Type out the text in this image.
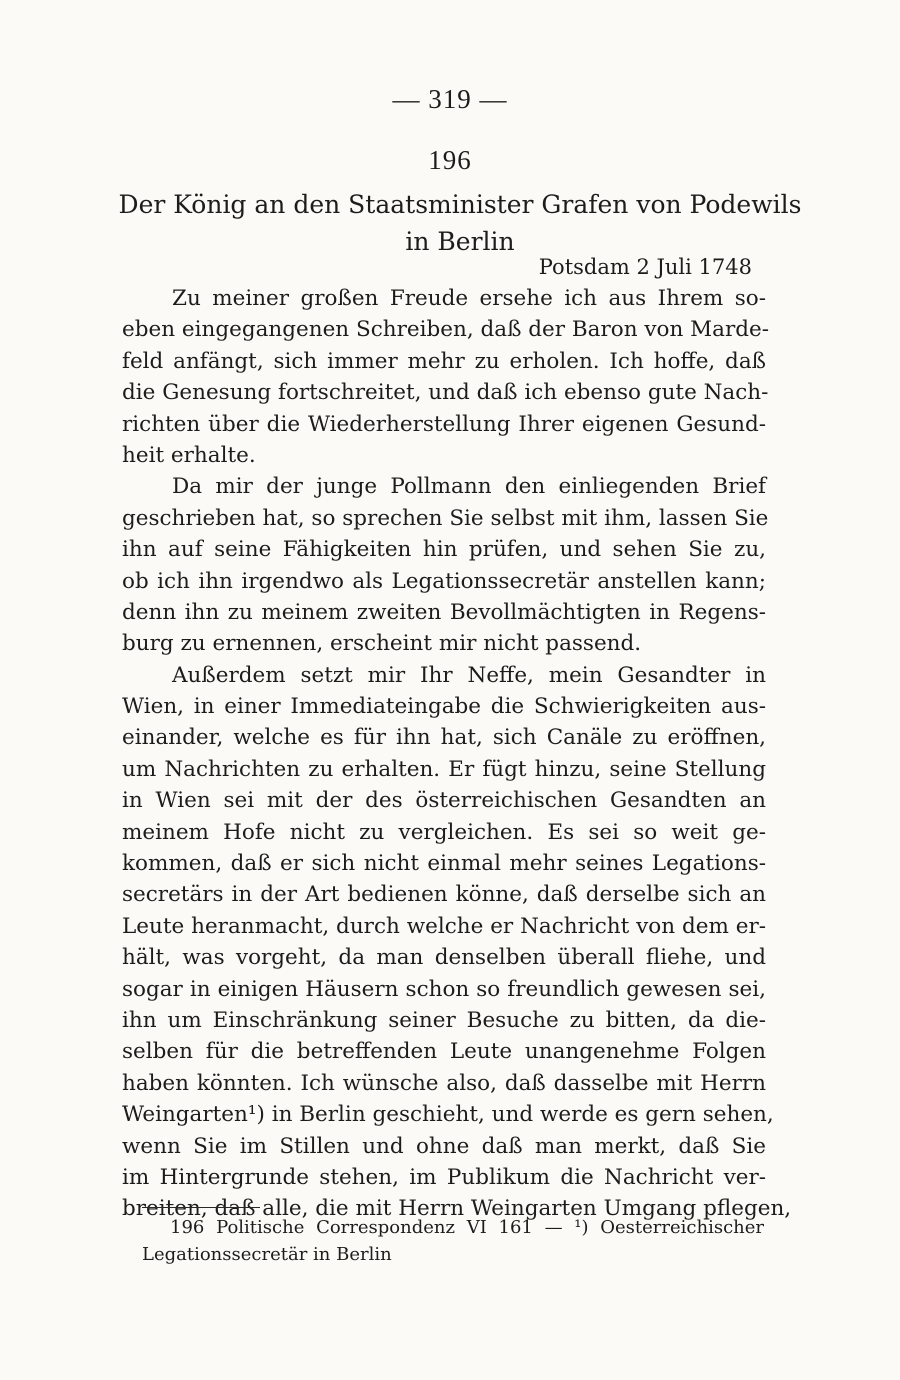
— 319 —
196
Der König an den Staatsminister Grafen von Podewils
in Berlin
Potsdam 2 Juli 1748
Zu meiner großen Freude ersehe ich aus Ihrem so-
eben eingegangenen Schreiben, daß der Baron von Marde-
feld anfängt, sich immer mehr zu erholen. Ich hoffe, daß
die Genesung fortschreitet, und daß ich ebenso gute Nach-
richten über die Wiederherstellung Ihrer eigenen Gesund-
heit erhalte.
Da mir der junge Pollmann den einliegenden Brief
geschrieben hat, so sprechen Sie selbst mit ihm, lassen Sie
ihn auf seine Fähigkeiten hin prüfen, und sehen Sie zu,
ob ich ihn irgendwo als Legationssecretär anstellen kann;
denn ihn zu meinem zweiten Bevollmächtigten in Regens-
burg zu ernennen, erscheint mir nicht passend.
Außerdem setzt mir Ihr Neffe, mein Gesandter in
Wien, in einer Immediateingabe die Schwierigkeiten aus-
einander, welche es für ihn hat, sich Canäle zu eröffnen,
um Nachrichten zu erhalten. Er fügt hinzu, seine Stellung
in Wien sei mit der des österreichischen Gesandten an
meinem Hofe nicht zu vergleichen. Es sei so weit ge-
kommen, daß er sich nicht einmal mehr seines Legations-
secretärs in der Art bedienen könne, daß derselbe sich an
Leute heranmacht, durch welche er Nachricht von dem er-
hält, was vorgeht, da man denselben überall fliehe, und
sogar in einigen Häusern schon so freundlich gewesen sei,
ihn um Einschränkung seiner Besuche zu bitten, da die-
selben für die betreffenden Leute unangenehme Folgen
haben könnten. Ich wünsche also, daß dasselbe mit Herrn
Weingarten¹) in Berlin geschieht, und werde es gern sehen,
wenn Sie im Stillen und ohne daß man merkt, daß Sie
im Hintergrunde stehen, im Publikum die Nachricht ver-
breiten, daß alle, die mit Herrn Weingarten Umgang pflegen,
196 Politische Correspondenz VI 161 — ¹) Oesterreichischer
Legationssecretär in Berlin
